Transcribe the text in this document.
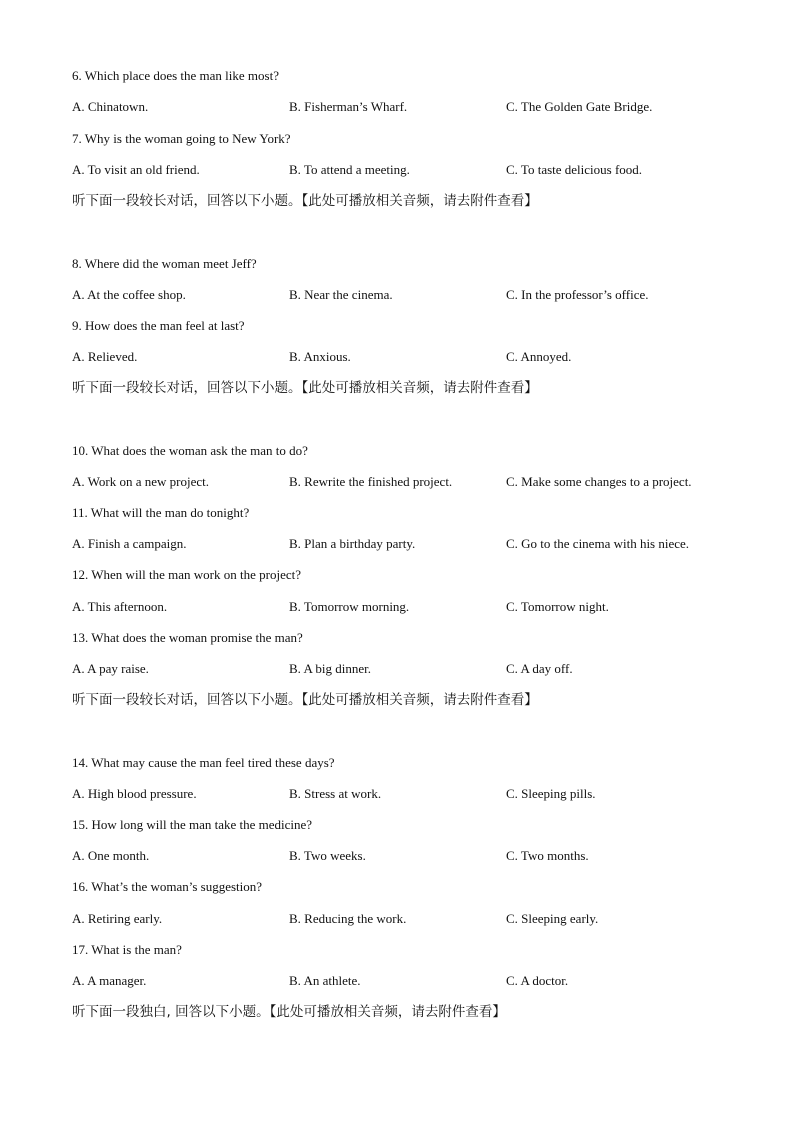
6. Which place does the man like most?
A. Chinatown.	B. Fisherman’s Wharf.	C. The Golden Gate Bridge.
7. Why is the woman going to New York?
A. To visit an old friend.	B. To attend a meeting.	C. To taste delicious food.
听下面一段较长对话，回答以下小题。【此处可播放相关音频，请去附件查看】
8. Where did the woman meet Jeff?
A. At the coffee shop.	B. Near the cinema.	C. In the professor’s office.
9. How does the man feel at last?
A. Relieved.	B. Anxious.	C. Annoyed.
听下面一段较长对话，回答以下小题。【此处可播放相关音频，请去附件查看】
10. What does the woman ask the man to do?
A. Work on a new project.	B. Rewrite the finished project.	C. Make some changes to a project.
11. What will the man do tonight?
A. Finish a campaign.	B. Plan a birthday party.	C. Go to the cinema with his niece.
12. When will the man work on the project?
A. This afternoon.	B. Tomorrow morning.	C. Tomorrow night.
13. What does the woman promise the man?
A. A pay raise.	B. A big dinner.	C. A day off.
听下面一段较长对话，回答以下小题。【此处可播放相关音频，请去附件查看】
14. What may cause the man feel tired these days?
A. High blood pressure.	B. Stress at work.	C. Sleeping pills.
15. How long will the man take the medicine?
A. One month.	B. Two weeks.	C. Two months.
16. What’s the woman’s suggestion?
A. Retiring early.	B. Reducing the work.	C. Sleeping early.
17. What is the man?
A. A manager.	B. An athlete.	C. A doctor.
听下面一段独白, 回答以下小题。【此处可播放相关音频，请去附件查看】
